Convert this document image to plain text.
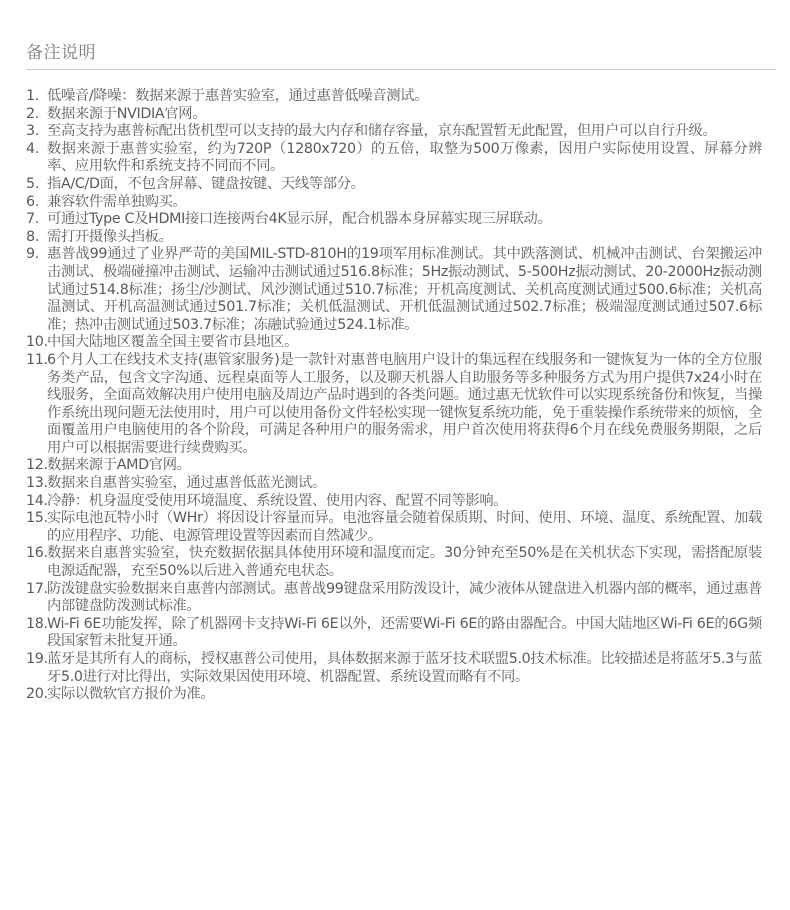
备注说明
1. 低噪音/降噪：数据来源于惠普实验室，通过惠普低噪音测试。
2. 数据来源于NVIDIA官网。
3. 至高支持为惠普标配出货机型可以支持的最大内存和储存容量，京东配置暂无此配置，但用户可以自行升级。
4. 数据来源于惠普实验室，约为720P（1280x720）的五倍，取整为500万像素，因用户实际使用设置、屏幕分辨率、应用软件和系统支持不同而不同。
5. 指A/C/D面，不包含屏幕、键盘按键、天线等部分。
6. 兼容软件需单独购买。
7. 可通过Type C及HDMI接口连接两台4K显示屏，配合机器本身屏幕实现三屏联动。
8. 需打开摄像头挡板。
9. 惠普战99通过了业界严苛的美国MIL-STD-810H的19项军用标准测试。其中跌落测试、机械冲击测试、台架搬运冲击测试、极端碰撞冲击测试、运输冲击测试通过516.8标准；5Hz振动测试、5-500Hz振动测试、20-2000Hz振动测试通过514.8标准；扬尘/沙测试、风沙测试通过510.7标准；开机高度测试、关机高度测试通过500.6标准；关机高温测试、开机高温测试通过501.7标准；关机低温测试、开机低温测试通过502.7标准；极端湿度测试通过507.6标准；热冲击测试通过503.7标准；冻融试验通过524.1标准。
10. 中国大陆地区覆盖全国主要省市县地区。
11. 6个月人工在线技术支持(惠管家服务)是一款针对惠普电脑用户设计的集远程在线服务和一键恢复为一体的全方位服务类产品，包含文字沟通、远程桌面等人工服务，以及聊天机器人自助服务等多种服务方式为用户提供7x24小时在线服务，全面高效解决用户使用电脑及周边产品时遇到的各类问题。通过惠无忧软件可以实现系统备份和恢复，当操作系统出现问题无法使用时，用户可以使用备份文件轻松实现一键恢复系统功能，免于重装操作系统带来的烦恼，全面覆盖用户电脑使用的各个阶段，可满足各种用户的服务需求，用户首次使用将获得6个月在线免费服务期限，之后用户可以根据需要进行续费购买。
12. 数据来源于AMD官网。
13. 数据来自惠普实验室，通过惠普低蓝光测试。
14. 冷静：机身温度受使用环境温度、系统设置、使用内容、配置不同等影响。
15. 实际电池瓦特小时（WHr）将因设计容量而异。电池容量会随着保质期、时间、使用、环境、温度、系统配置、加载的应用程序、功能、电源管理设置等因素而自然减少。
16. 数据来自惠普实验室，快充数据依据具体使用环境和温度而定。30分钟充至50%是在关机状态下实现，需搭配原装电源适配器，充至50%以后进入普通充电状态。
17. 防泼键盘实验数据来自惠普内部测试。惠普战99键盘采用防泼设计，减少液体从键盘进入机器内部的概率，通过惠普内部键盘防泼测试标准。
18. Wi-Fi 6E功能发挥，除了机器网卡支持Wi-Fi 6E以外，还需要Wi-Fi 6E的路由器配合。中国大陆地区Wi-Fi 6E的6G频段国家暂未批复开通。
19. 蓝牙是其所有人的商标，授权惠普公司使用，具体数据来源于蓝牙技术联盟5.0技术标准。比较描述是将蓝牙5.3与蓝牙5.0进行对比得出，实际效果因使用环境、机器配置、系统设置而略有不同。
20. 实际以微软官方报价为准。
